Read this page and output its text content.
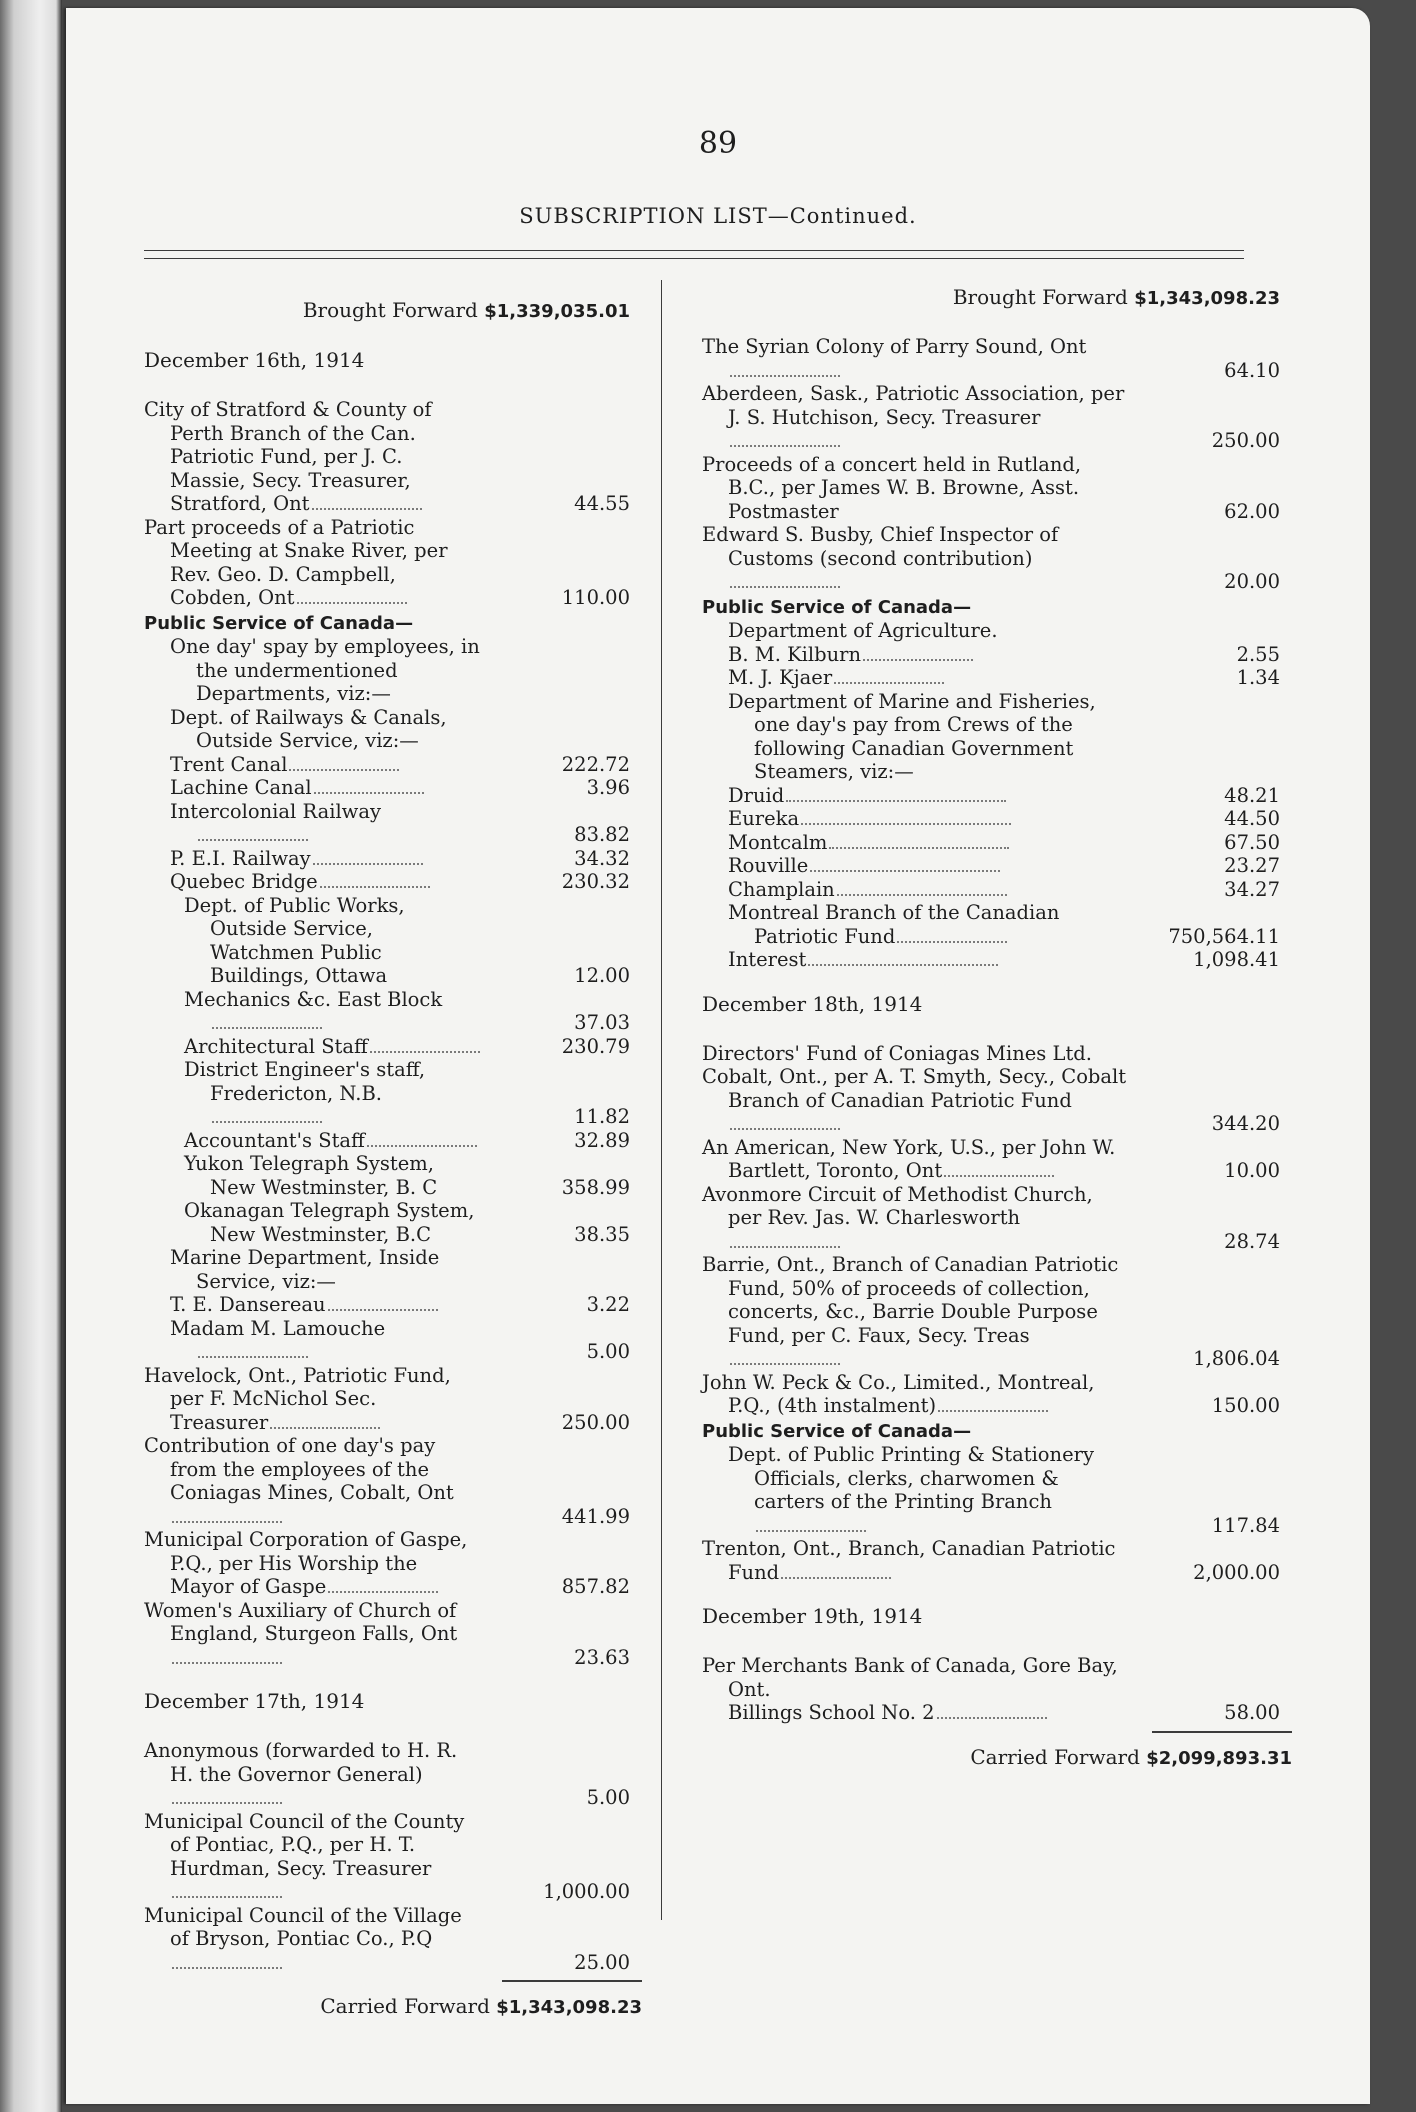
89
SUBSCRIPTION LIST—Continued.
Brought Forward $1,339,035.01
December 16th, 1914
City of Stratford & County of Perth Branch of the Can. Patriotic Fund, per J. C. Massie, Secy. Treasurer, Stratford, Ont	44.55
Part proceeds of a Patriotic Meeting at Snake River, per Rev. Geo. D. Campbell, Cobden, Ont	110.00
Public Service of Canada—
One day' spay by employees, in the undermentioned Departments, viz:—
Dept. of Railways & Canals, Outside Service, viz:—
Trent Canal	222.72
Lachine Canal	3.96
Intercolonial Railway
83.82
P. E.I. Railway	34.32
Quebec Bridge	230.32
Dept. of Public Works, Outside Service, Watchmen Public Buildings, Ottawa	12.00
Mechanics &c. East Block
37.03
Architectural Staff	230.79
District Engineer's staff, Fredericton, N.B.
11.82
Accountant's Staff	32.89
Yukon Telegraph System, New Westminster, B. C	358.99
Okanagan Telegraph System, New Westminster, B.C	38.35
Marine Department, Inside Service, viz:—
T. E. Dansereau	3.22
Madam M. Lamouche
5.00
Havelock, Ont., Patriotic Fund, per F. McNichol Sec. Treasurer	250.00
Contribution of one day's pay from the employees of the Coniagas Mines, Cobalt, Ont
441.99
Municipal Corporation of Gaspe, P.Q., per His Worship the Mayor of Gaspe	857.82
Women's Auxiliary of Church of England, Sturgeon Falls, Ont
23.63
December 17th, 1914
Anonymous (forwarded to H. R. H. the Governor General)
5.00
Municipal Council of the County of Pontiac, P.Q., per H. T. Hurdman, Secy. Treasurer
1,000.00
Municipal Council of the Village of Bryson, Pontiac Co., P.Q
25.00
Carried Forward $1,343,098.23
Brought Forward $1,343,098.23
The Syrian Colony of Parry Sound, Ont
64.10
Aberdeen, Sask., Patriotic Association, per J. S. Hutchison, Secy. Treasurer
250.00
Proceeds of a concert held in Rutland, B.C., per James W. B. Browne, Asst. Postmaster	62.00
Edward S. Busby, Chief Inspector of Customs (second contribution)
20.00
Public Service of Canada—
Department of Agriculture.
B. M. Kilburn	2.55
M. J. Kjaer	1.34
Department of Marine and Fisheries, one day's pay from Crews of the following Canadian Government Steamers, viz:—
Druid	48.21
Eureka	44.50
Montcalm	67.50
Rouville	23.27
Champlain	34.27
Montreal Branch of the Canadian Patriotic Fund	750,564.11
Interest	1,098.41
December 18th, 1914
Directors' Fund of Coniagas Mines Ltd.
Cobalt, Ont., per A. T. Smyth, Secy., Cobalt Branch of Canadian Patriotic Fund
344.20
An American, New York, U.S., per John W. Bartlett, Toronto, Ont	10.00
Avonmore Circuit of Methodist Church, per Rev. Jas. W. Charlesworth
28.74
Barrie, Ont., Branch of Canadian Patriotic Fund, 50% of proceeds of collection, concerts, &c., Barrie Double Purpose Fund, per C. Faux, Secy. Treas
1,806.04
John W. Peck & Co., Limited., Montreal, P.Q., (4th instalment)	150.00
Public Service of Canada—
Dept. of Public Printing & Stationery Officials, clerks, charwomen & carters of the Printing Branch
117.84
Trenton, Ont., Branch, Canadian Patriotic Fund	2,000.00
December 19th, 1914
Per Merchants Bank of Canada, Gore Bay, Ont.
Billings School No. 2	58.00
Carried Forward $2,099,893.31
